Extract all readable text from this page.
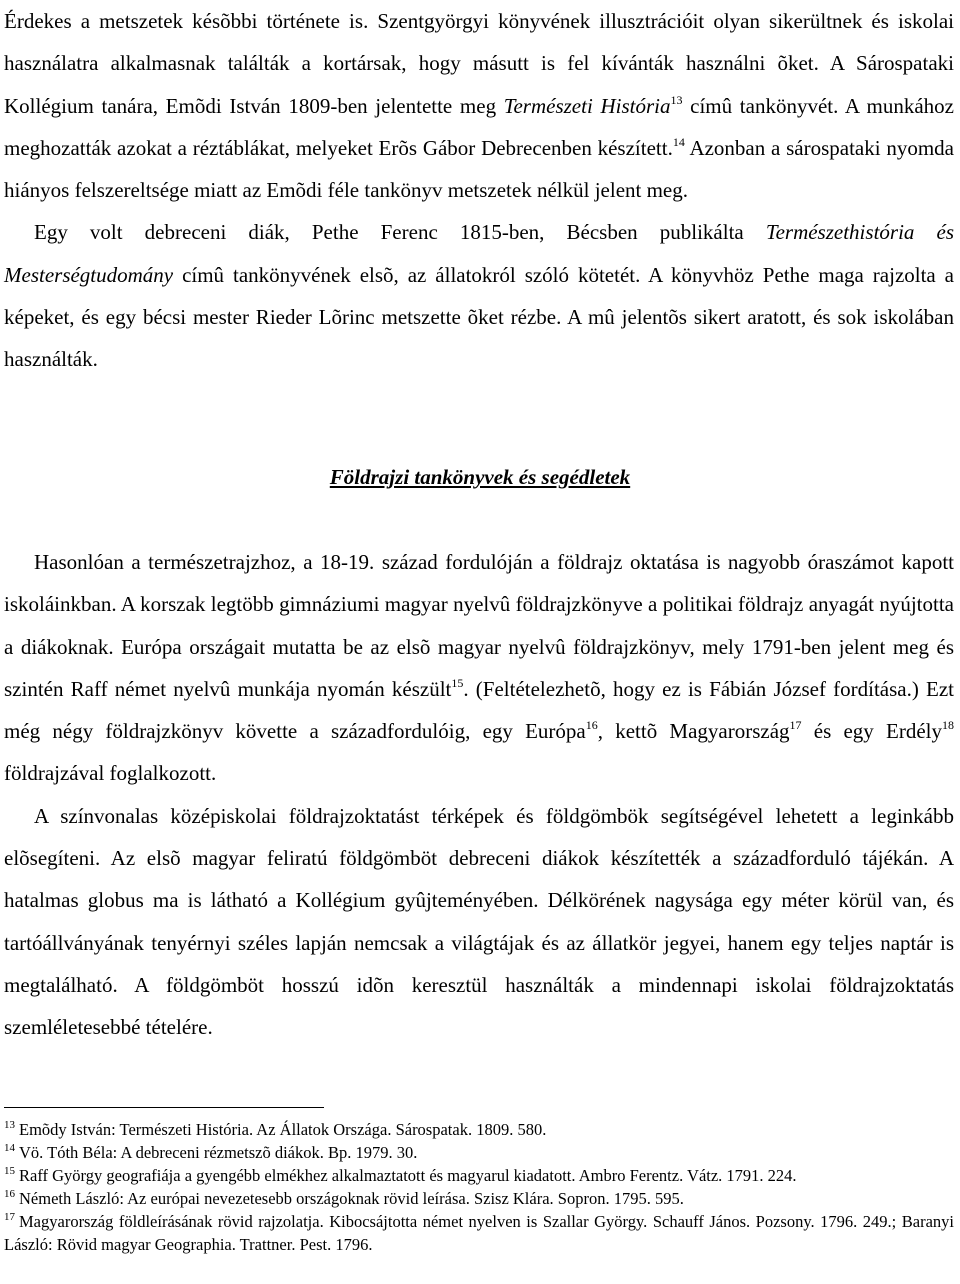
Érdekes a metszetek késõbbi története is. Szentgyörgyi könyvének illusztrációit olyan sikerültnek és iskolai használatra alkalmasnak találták a kortársak, hogy másutt is fel kívánták használni õket. A Sárospataki Kollégium tanára, Emõdi István 1809-ben jelentette meg Természeti História$^{13}$ címû tankönyvét. A munkához meghozatták azokat a réztáblákat, melyeket Erõs Gábor Debrecenben készített.$^{14}$ Azonban a sárospataki nyomda hiányos felszereltsége miatt az Emõdi féle tankönyv metszetek nélkül jelent meg.

Egy volt debreceni diák, Pethe Ferenc 1815-ben, Bécsben publikálta Természethistória és Mesterségtudomány címû tankönyvének elsõ, az állatokról szóló kötetét. A könyvhöz Pethe maga rajzolta a képeket, és egy bécsi mester Rieder Lõrinc metszette õket rézbe. A mû jelentõs sikert aratott, és sok iskolában használták.

Földrajzi tankönyvek és segédletek

Hasonlóan a természetrajzhoz, a 18-19. század fordulóján a földrajz oktatása is nagyobb óraszámot kapott iskoláinkban. A korszak legtöbb gimnáziumi magyar nyelvû földrajzkönyve a politikai földrajz anyagát nyújtotta a diákoknak. Európa országait mutatta be az elsõ magyar nyelvû földrajzkönyv, mely 1791-ben jelent meg és szintén Raff német nyelvû munkája nyomán készült$^{15}$. (Feltételezhetõ, hogy ez is Fábián József fordítása.) Ezt még négy földrajzkönyv követte a századfordulóig, egy Európa$^{16}$, kettõ Magyarország$^{17}$ és egy Erdély$^{18}$ földrajzával foglalkozott.

A színvonalas középiskolai földrajzoktatást térképek és földgömbök segítségével lehetett a leginkább elõsegíteni. Az elsõ magyar feliratú földgömböt debreceni diákok készítették a századforduló tájékán. A hatalmas globus ma is látható a Kollégium gyûjteményében. Délkörének nagysága egy méter körül van, és tartóállványának tenyérnyi széles lapján nemcsak a világtájak és az állatkör jegyei, hanem egy teljes naptár is megtalálható. A földgömböt hosszú idõn keresztül használták a mindennapi iskolai földrajzoktatás szemléletesebbé tételére.

$^{13}$ Emõdy István: Természeti História. Az Állatok Országa. Sárospatak. 1809. 580.

$^{14}$ Vö. Tóth Béla: A debreceni rézmetszõ diákok. Bp. 1979. 30.

$^{15}$ Raff György geografiája a gyengébb elmékhez alkalmaztatott és magyarul kiadatott. Ambro Ferentz. Vátz. 1791. 224.

$^{16}$ Németh László: Az európai nevezetesebb országoknak rövid leírása. Szisz Klára. Sopron. 1795. 595.

$^{17}$ Magyarország földleírásának rövid rajzolatja. Kibocsájtotta német nyelven is Szallar György. Schauff János. Pozsony. 1796. 249.; Baranyi László: Rövid magyar Geographia. Trattner. Pest. 1796.
